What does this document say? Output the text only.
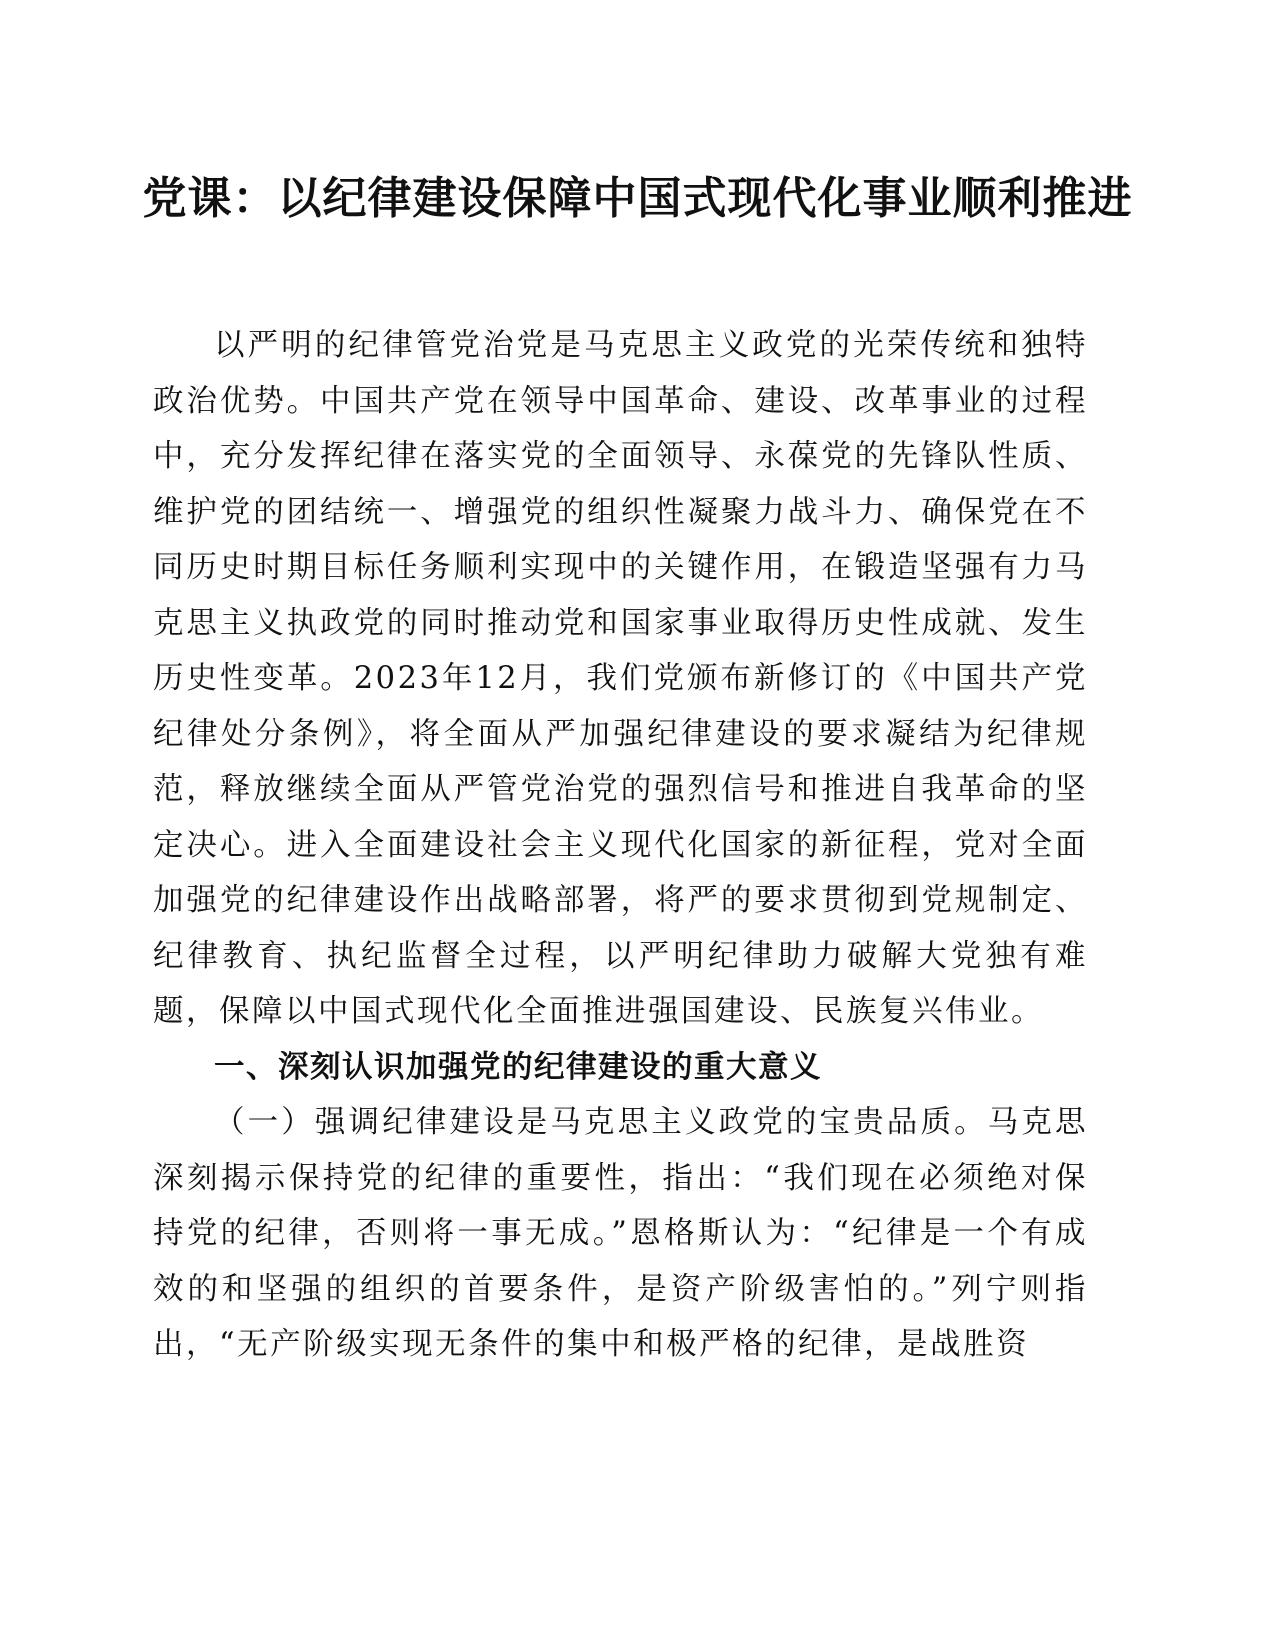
党课：以纪律建设保障中国式现代化事业顺利推进

以严明的纪律管党治党是马克思主义政党的光荣传统和独特政治优势。中国共产党在领导中国革命、建设、改革事业的过程中，充分发挥纪律在落实党的全面领导、永葆党的先锋队性质、维护党的团结统一、增强党的组织性凝聚力战斗力、确保党在不同历史时期目标任务顺利实现中的关键作用，在锻造坚强有力马克思主义执政党的同时推动党和国家事业取得历史性成就、发生历史性变革。2023年12月，我们党颁布新修订的《中国共产党纪律处分条例》，将全面从严加强纪律建设的要求凝结为纪律规范，释放继续全面从严管党治党的强烈信号和推进自我革命的坚定决心。进入全面建设社会主义现代化国家的新征程，党对全面加强党的纪律建设作出战略部署，将严的要求贯彻到党规制定、纪律教育、执纪监督全过程，以严明纪律助力破解大党独有难题，保障以中国式现代化全面推进强国建设、民族复兴伟业。

一、深刻认识加强党的纪律建设的重大意义

（一）强调纪律建设是马克思主义政党的宝贵品质。马克思深刻揭示保持党的纪律的重要性，指出：“我们现在必须绝对保持党的纪律，否则将一事无成。”恩格斯认为：“纪律是一个有成效的和坚强的组织的首要条件，是资产阶级害怕的。”列宁则指出，“无产阶级实现无条件的集中和极严格的纪律，是战胜资
